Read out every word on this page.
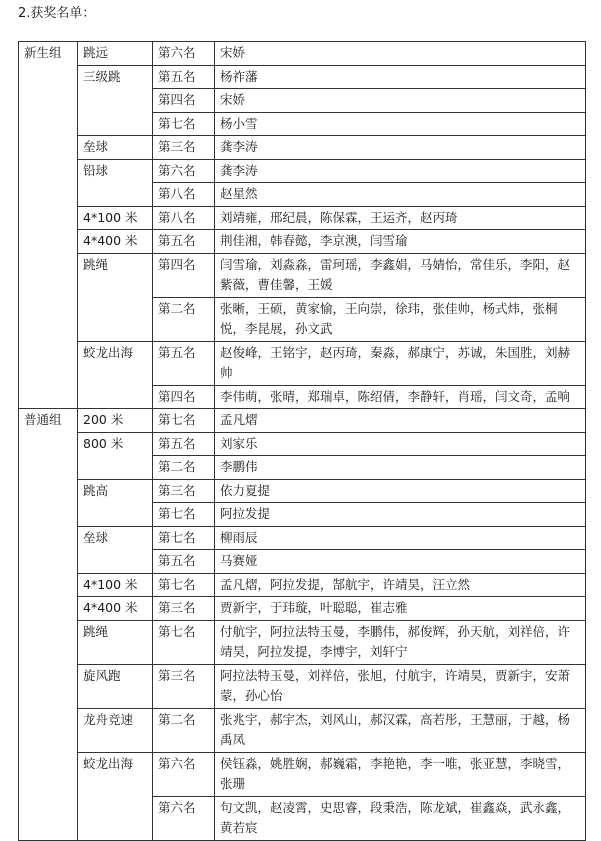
2.获奖名单：
新生组	跳远	第六名	宋娇
	三级跳	第五名	杨祚藩
		第四名	宋娇
		第七名	杨小雪
	垒球	第三名	龚李涛
	铅球	第六名	龚李涛
		第八名	赵星然
	4*100 米	第八名	刘靖雍，邢纪晨，陈保霖，王运齐，赵丙琦
	4*400 米	第五名	荆佳湘，韩春懿，李京澳，闫雪瑜
	跳绳	第四名	闫雪瑜，刘淼淼，雷珂瑶，李鑫娟，马婧怡，常佳乐，李阳，赵紫薇，曹佳馨，王媛
		第二名	张晰，王硕，黄家愉，王向崇，徐玮，张佳帅，杨式炜，张桐悦，李昆展，孙文武
	蛟龙出海	第五名	赵俊峰，王铭宇，赵丙琦，秦淼，郝康宁，苏诚，朱国胜，刘赫帅
		第四名	李伟萌，张晴，郑瑞卓，陈绍倩，李静轩，肖瑶，闫文奇，孟响
普通组	200 米	第七名	孟凡熠
	800 米	第五名	刘家乐
		第二名	李鹏伟
	跳高	第三名	依力夏提
		第七名	阿拉发提
	垒球	第七名	柳雨辰
		第五名	马赛娅
	4*100 米	第七名	孟凡熠，阿拉发提，郜航宇，许靖昊，汪立然
	4*400 米	第三名	贾新宇，于玮璇，叶聪聪，崔志雅
	跳绳	第七名	付航宇，阿拉法特玉曼，李鹏伟，郝俊辉，孙天航，刘祥倍，许靖昊，阿拉发提，李博宇，刘轩宁
	旋风跑	第三名	阿拉法特玉曼，刘祥倍，张旭，付航宇，许靖昊，贾新宇，安萧蒙，孙心怡
	龙舟竞速	第二名	张兆宇，郝宇杰，刘风山，郝汉霖，高若彤，王慧丽，于越，杨禹凤
	蛟龙出海	第六名	侯钰淼，姚胜娴，郝巍霜，李艳艳，李一唯，张亚慧，李晓雪，张珊
		第六名	句文凯，赵凌霄，史思睿，段秉浩，陈龙斌，崔鑫焱，武永鑫，黄若宸
